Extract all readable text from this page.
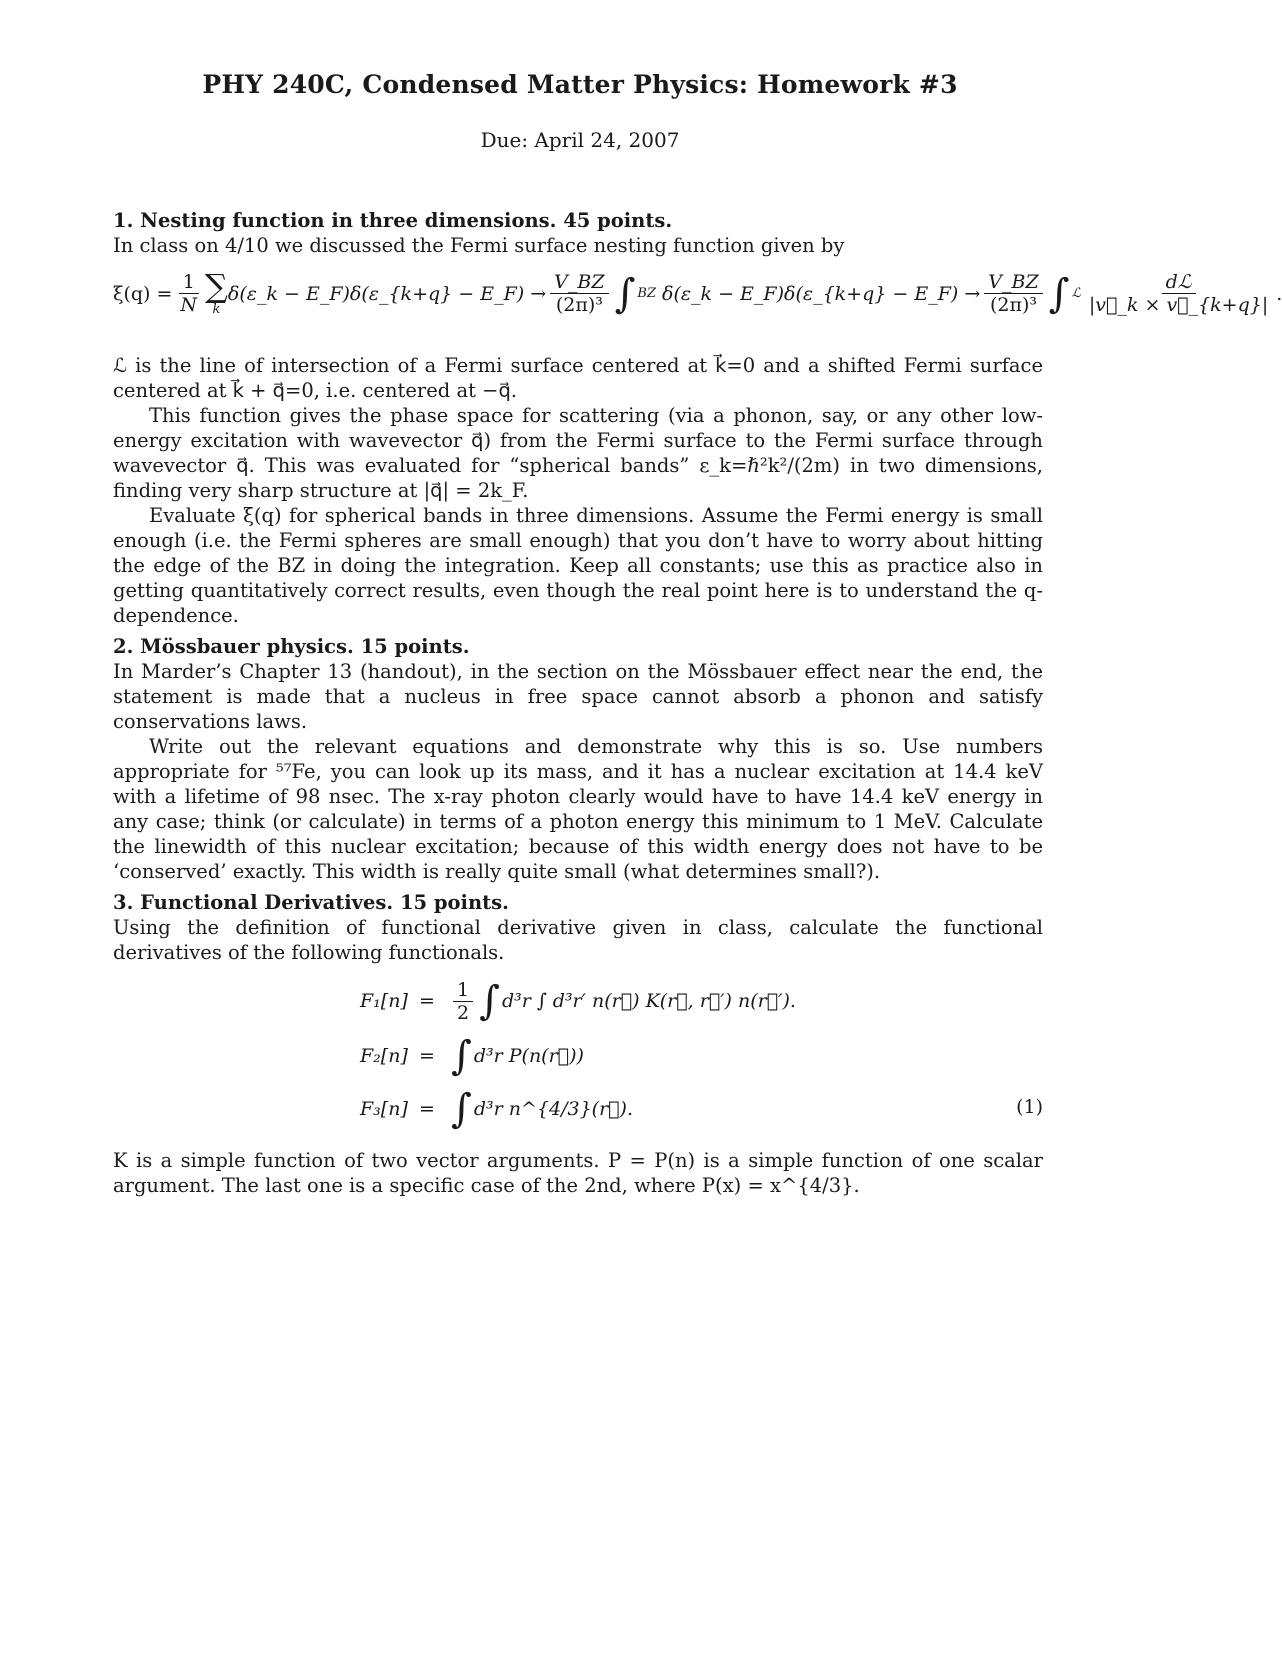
PHY 240C, Condensed Matter Physics: Homework #3
Due: April 24, 2007

1. Nesting function in three dimensions. 45 points.

In class on 4/10 we discussed the Fermi surface nesting function given by

$\xi(q) = \frac{1}{N}$ ∑
k
δ(ε_k − E_F)δ(ε_{k+q} − E_F) → $\frac{V\_BZ}{\text{(2π)³}}$ ∫ BZ δ(ε_k − E_F)δ(ε_{k+q} − E_F) → $\frac{V\_BZ}{\text{(2π)³}}$ ∫ ℒ $\frac{\text{dℒ}}{|v⃗\_k \times v⃗\_\{k+q\}|}$ .

ℒ is the line of intersection of a Fermi surface centered at k⃗=0 and a shifted Fermi surface centered at k⃗ + q⃗=0, i.e. centered at −q⃗.

This function gives the phase space for scattering (via a phonon, say, or any other low-energy excitation with wavevector q⃗) from the Fermi surface to the Fermi surface through wavevector q⃗. This was evaluated for “spherical bands” ε_k=ℏ²k²/(2m) in two dimensions, finding very sharp structure at |q⃗| = 2k_F.

Evaluate ξ(q) for spherical bands in three dimensions. Assume the Fermi energy is small enough (i.e. the Fermi spheres are small enough) that you don’t have to worry about hitting the edge of the BZ in doing the integration. Keep all constants; use this as practice also in getting quantitatively correct results, even though the real point here is to understand the q-dependence.

2. Mössbauer physics. 15 points.

In Marder’s Chapter 13 (handout), in the section on the Mössbauer effect near the end, the statement is made that a nucleus in free space cannot absorb a phonon and satisfy conservations laws.

Write out the relevant equations and demonstrate why this is so. Use numbers appropriate for ⁵⁷Fe, you can look up its mass, and it has a nuclear excitation at 14.4 keV with a lifetime of 98 nsec. The x-ray photon clearly would have to have 14.4 keV energy in any case; think (or calculate) in terms of a photon energy this minimum to 1 MeV. Calculate the linewidth of this nuclear excitation; because of this width energy does not have to be ‘conserved’ exactly. This width is really quite small (what determines small?).

3. Functional Derivatives. 15 points.

Using the definition of functional derivative given in class, calculate the functional derivatives of the following functionals.

$F_1[n] = \frac{1}{2}$ ∫ d³r ∫ d³r′ n(r⃗) K(r⃗, r⃗′) n(r⃗′).
F₂[n] = ∫ d³r P(n(r⃗))
F₃[n] = ∫ d³r n^{4/3}(r⃗).	(1)

K is a simple function of two vector arguments. P = P(n) is a simple function of one scalar argument. The last one is a specific case of the 2nd, where P(x) = x^{4/3}.
